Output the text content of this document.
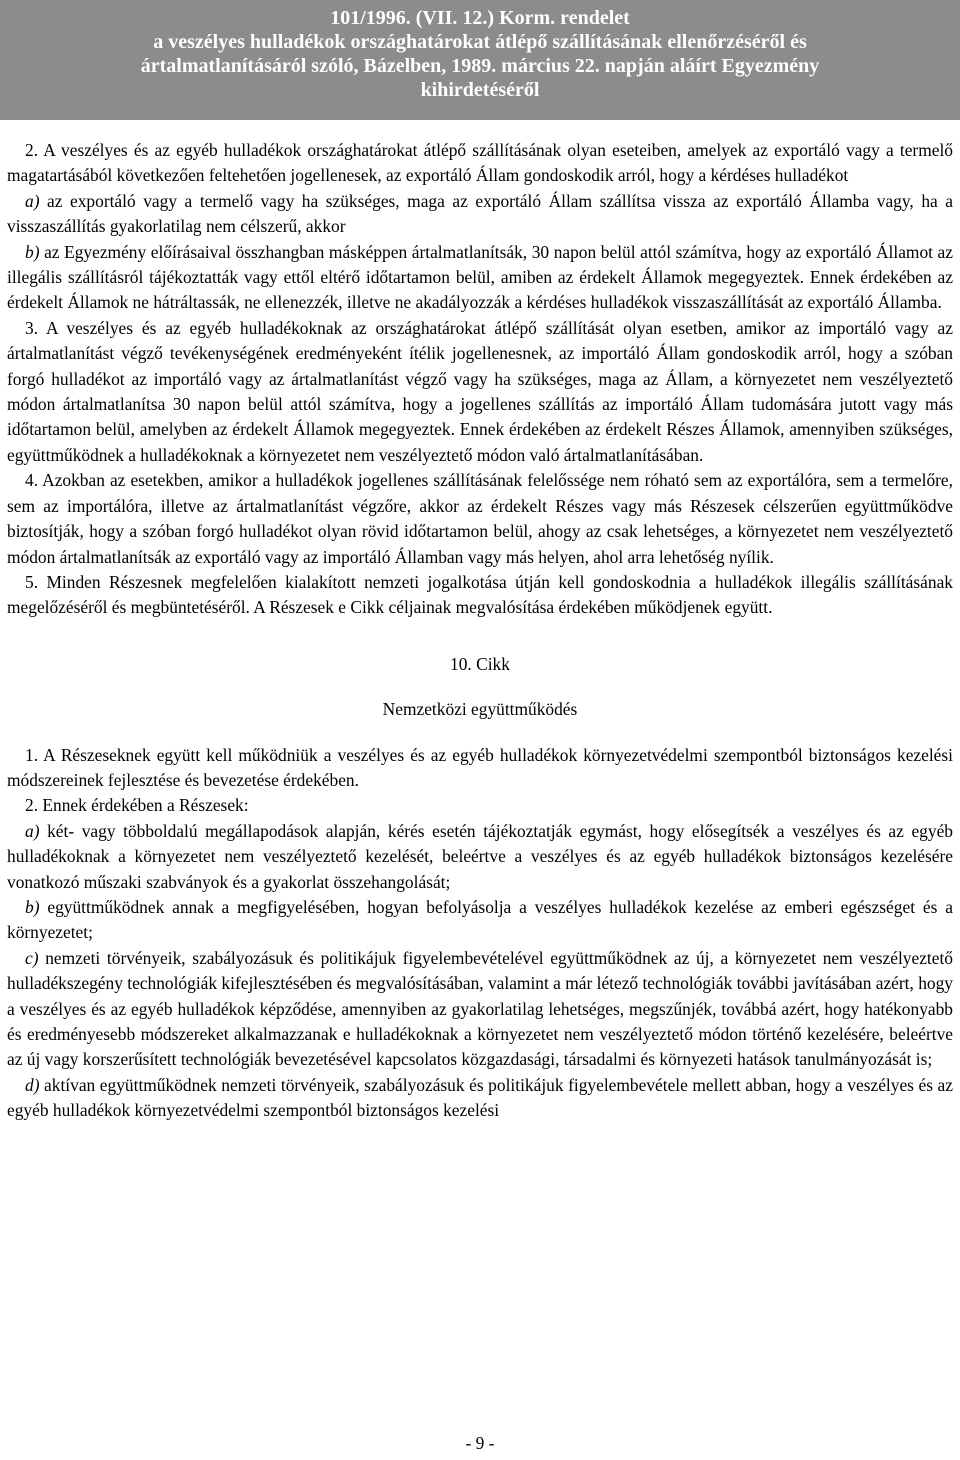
101/1996. (VII. 12.) Korm. rendelet
a veszélyes hulladékok országhatárokat átlépő szállításának ellenőrzéséről és
ártalmatlanításáról szóló, Bázelben, 1989. március 22. napján aláírt Egyezmény
kihirdetéséről

2. A veszélyes és az egyéb hulladékok országhatárokat átlépő szállításának olyan eseteiben, amelyek az exportáló vagy a termelő magatartásából következően feltehetően jogellenesek, az exportáló Állam gondoskodik arról, hogy a kérdéses hulladékot

a) az exportáló vagy a termelő vagy ha szükséges, maga az exportáló Állam szállítsa vissza az exportáló Államba vagy, ha a visszaszállítás gyakorlatilag nem célszerű, akkor

b) az Egyezmény előírásaival összhangban másképpen ártalmatlanítsák, 30 napon belül attól számítva, hogy az exportáló Államot az illegális szállításról tájékoztatták vagy ettől eltérő időtartamon belül, amiben az érdekelt Államok megegyeztek. Ennek érdekében az érdekelt Államok ne hátráltassák, ne ellenezzék, illetve ne akadályozzák a kérdéses hulladékok visszaszállítását az exportáló Államba.

3. A veszélyes és az egyéb hulladékoknak az országhatárokat átlépő szállítását olyan esetben, amikor az importáló vagy az ártalmatlanítást végző tevékenységének eredményeként ítélik jogellenesnek, az importáló Állam gondoskodik arról, hogy a szóban forgó hulladékot az importáló vagy az ártalmatlanítást végző vagy ha szükséges, maga az Állam, a környezetet nem veszélyeztető módon ártalmatlanítsa 30 napon belül attól számítva, hogy a jogellenes szállítás az importáló Állam tudomására jutott vagy más időtartamon belül, amelyben az érdekelt Államok megegyeztek. Ennek érdekében az érdekelt Részes Államok, amennyiben szükséges, együttműködnek a hulladékoknak a környezetet nem veszélyeztető módon való ártalmatlanításában.

4. Azokban az esetekben, amikor a hulladékok jogellenes szállításának felelőssége nem róható sem az exportálóra, sem a termelőre, sem az importálóra, illetve az ártalmatlanítást végzőre, akkor az érdekelt Részes vagy más Részesek célszerűen együttműködve biztosítják, hogy a szóban forgó hulladékot olyan rövid időtartamon belül, ahogy az csak lehetséges, a környezetet nem veszélyeztető módon ártalmatlanítsák az exportáló vagy az importáló Államban vagy más helyen, ahol arra lehetőség nyílik.

5. Minden Részesnek megfelelően kialakított nemzeti jogalkotása útján kell gondoskodnia a hulladékok illegális szállításának megelőzéséről és megbüntetéséről. A Részesek e Cikk céljainak megvalósítása érdekében működjenek együtt.

10. Cikk

Nemzetközi együttműködés

1. A Részeseknek együtt kell működniük a veszélyes és az egyéb hulladékok környezetvédelmi szempontból biztonságos kezelési módszereinek fejlesztése és bevezetése érdekében.

2. Ennek érdekében a Részesek:

a) két- vagy többoldalú megállapodások alapján, kérés esetén tájékoztatják egymást, hogy elősegítsék a veszélyes és az egyéb hulladékoknak a környezetet nem veszélyeztető kezelését, beleértve a veszélyes és az egyéb hulladékok biztonságos kezelésére vonatkozó műszaki szabványok és a gyakorlat összehangolását;

b) együttműködnek annak a megfigyelésében, hogyan befolyásolja a veszélyes hulladékok kezelése az emberi egészséget és a környezetet;

c) nemzeti törvényeik, szabályozásuk és politikájuk figyelembevételével együttműködnek az új, a környezetet nem veszélyeztető hulladékszegény technológiák kifejlesztésében és megvalósításában, valamint a már létező technológiák további javításában azért, hogy a veszélyes és az egyéb hulladékok képződése, amennyiben az gyakorlatilag lehetséges, megszűnjék, továbbá azért, hogy hatékonyabb és eredményesebb módszereket alkalmazzanak e hulladékoknak a környezetet nem veszélyeztető módon történő kezelésére, beleértve az új vagy korszerűsített technológiák bevezetésével kapcsolatos közgazdasági, társadalmi és környezeti hatások tanulmányozását is;

d) aktívan együttműködnek nemzeti törvényeik, szabályozásuk és politikájuk figyelembevétele mellett abban, hogy a veszélyes és az egyéb hulladékok környezetvédelmi szempontból biztonságos kezelési

- 9 -
